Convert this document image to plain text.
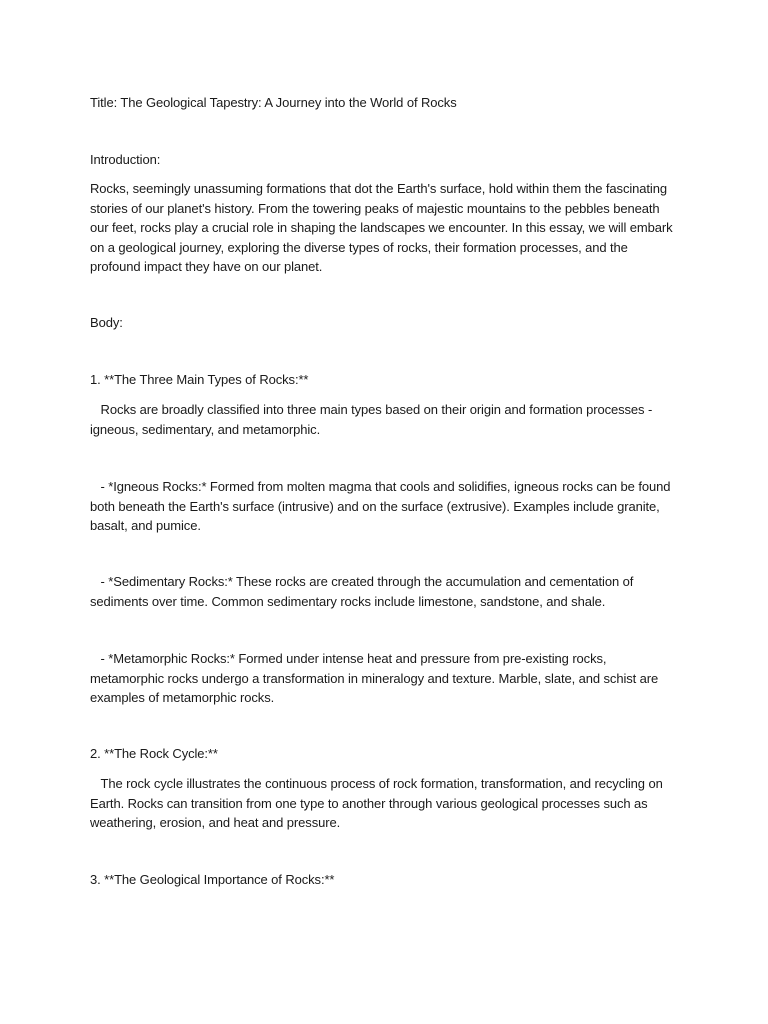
Title: The Geological Tapestry: A Journey into the World of Rocks

Introduction:

Rocks, seemingly unassuming formations that dot the Earth's surface, hold within them the fascinating stories of our planet's history. From the towering peaks of majestic mountains to the pebbles beneath our feet, rocks play a crucial role in shaping the landscapes we encounter. In this essay, we will embark on a geological journey, exploring the diverse types of rocks, their formation processes, and the profound impact they have on our planet.

Body:

1. **The Three Main Types of Rocks:**

Rocks are broadly classified into three main types based on their origin and formation processes - igneous, sedimentary, and metamorphic.

- *Igneous Rocks:* Formed from molten magma that cools and solidifies, igneous rocks can be found both beneath the Earth's surface (intrusive) and on the surface (extrusive). Examples include granite, basalt, and pumice.

- *Sedimentary Rocks:* These rocks are created through the accumulation and cementation of sediments over time. Common sedimentary rocks include limestone, sandstone, and shale.

- *Metamorphic Rocks:* Formed under intense heat and pressure from pre-existing rocks, metamorphic rocks undergo a transformation in mineralogy and texture. Marble, slate, and schist are examples of metamorphic rocks.

2. **The Rock Cycle:**

The rock cycle illustrates the continuous process of rock formation, transformation, and recycling on Earth. Rocks can transition from one type to another through various geological processes such as weathering, erosion, and heat and pressure.

3. **The Geological Importance of Rocks:**
